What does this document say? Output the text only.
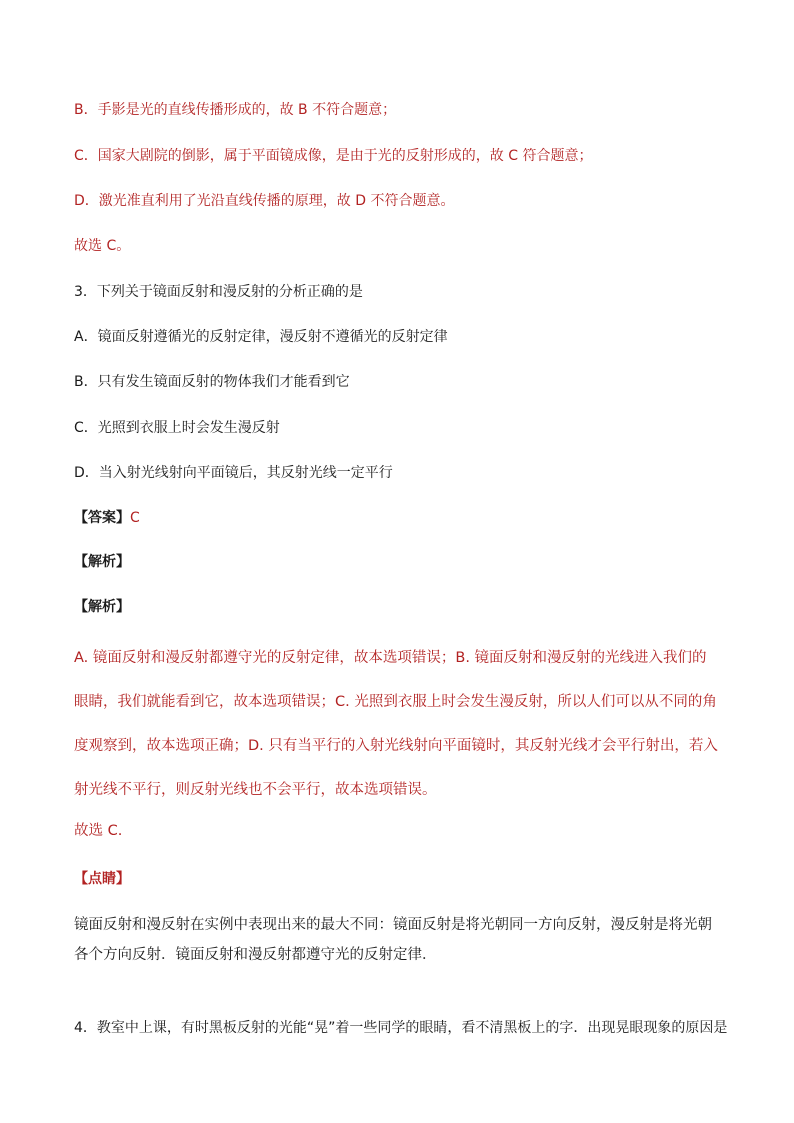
B．手影是光的直线传播形成的，故 B 不符合题意；
C．国家大剧院的倒影，属于平面镜成像，是由于光的反射形成的，故 C 符合题意；
D．激光准直利用了光沿直线传播的原理，故 D 不符合题意。
故选 C。
3．下列关于镜面反射和漫反射的分析正确的是
A．镜面反射遵循光的反射定律，漫反射不遵循光的反射定律
B．只有发生镜面反射的物体我们才能看到它
C．光照到衣服上时会发生漫反射
D．当入射光线射向平面镜后，其反射光线一定平行
【答案】C
【解析】
【解析】
A. 镜面反射和漫反射都遵守光的反射定律，故本选项错误；B. 镜面反射和漫反射的光线进入我们的
眼睛，我们就能看到它，故本选项错误；C. 光照到衣服上时会发生漫反射，所以人们可以从不同的角
度观察到，故本选项正确；D. 只有当平行的入射光线射向平面镜时，其反射光线才会平行射出，若入
射光线不平行，则反射光线也不会平行，故本选项错误。
故选 C.
【点睛】
镜面反射和漫反射在实例中表现出来的最大不同：镜面反射是将光朝同一方向反射，漫反射是将光朝
各个方向反射．镜面反射和漫反射都遵守光的反射定律．
4．教室中上课，有时黑板反射的光能“晃”着一些同学的眼睛，看不清黑板上的字．出现晃眼现象的原因是
